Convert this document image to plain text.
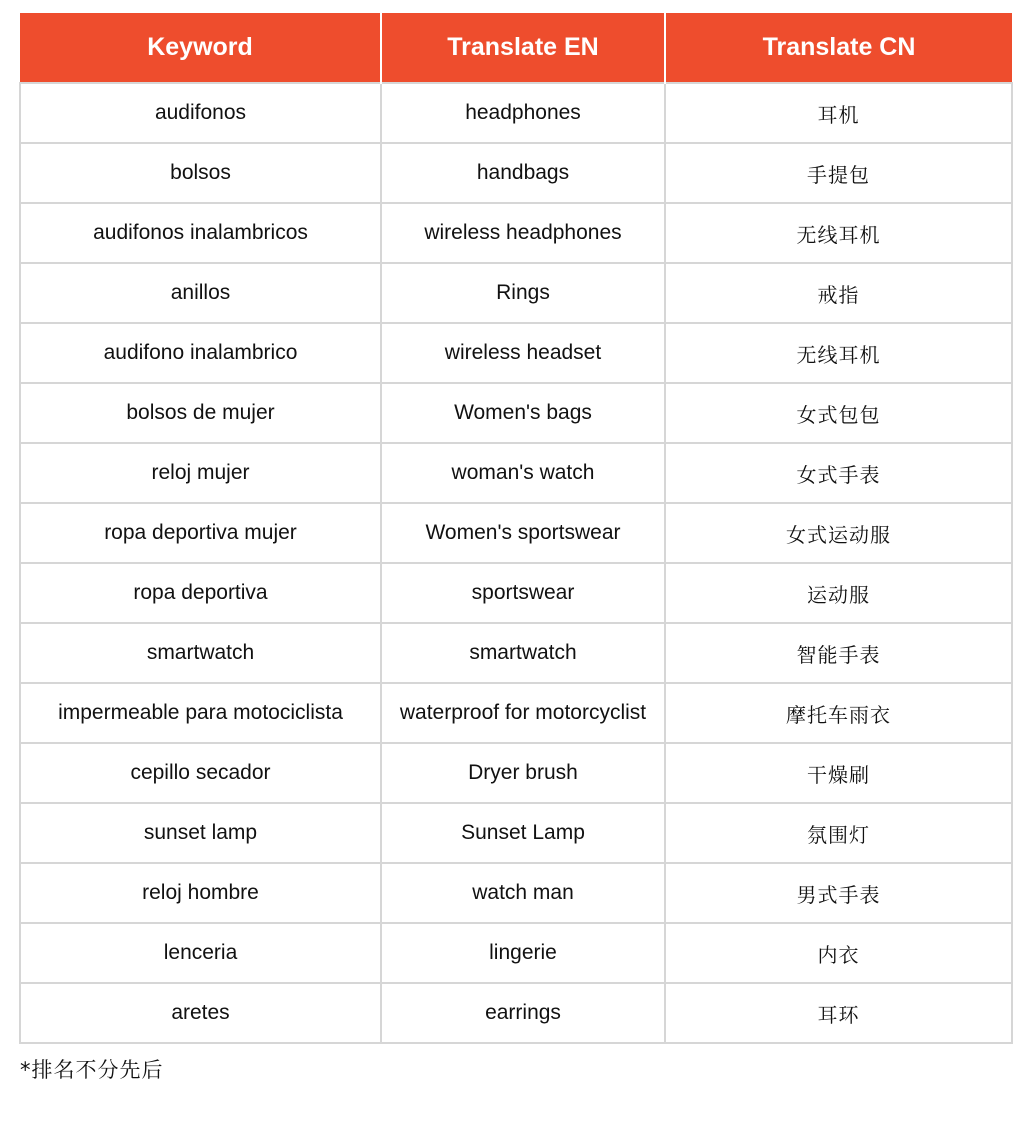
Keyword	Translate EN	Translate CN
audifonos	headphones	耳机
bolsos	handbags	手提包
audifonos inalambricos	wireless headphones	无线耳机
anillos	Rings	戒指
audifono inalambrico	wireless headset	无线耳机
bolsos de mujer	Women's bags	女式包包
reloj mujer	woman's watch	女式手表
ropa deportiva mujer	Women's sportswear	女式运动服
ropa deportiva	sportswear	运动服
smartwatch	smartwatch	智能手表
impermeable para motociclista	waterproof for motorcyclist	摩托车雨衣
cepillo secador	Dryer brush	干燥刷
sunset lamp	Sunset Lamp	氛围灯
reloj hombre	watch man	男式手表
lenceria	lingerie	内衣
aretes	earrings	耳环
*排名不分先后
